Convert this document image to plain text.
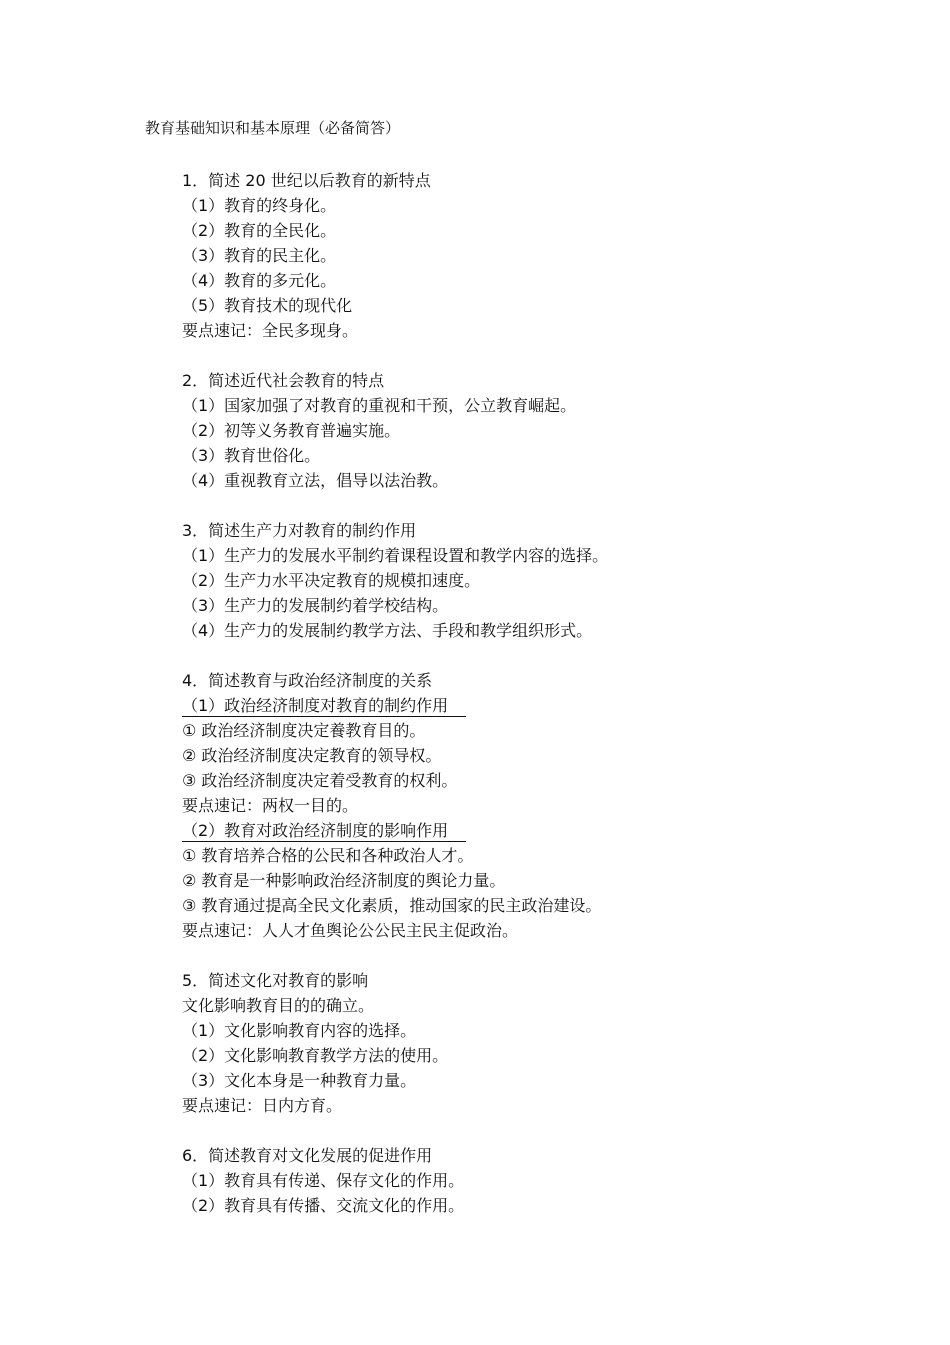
教育基础知识和基本原理（必备简答）
1．简述 20 世纪以后教育的新特点
（1）教育的终身化。
（2）教育的全民化。
（3）教育的民主化。
（4）教育的多元化。
（5）教育技术的现代化
要点速记：全民多现身。
2．简述近代社会教育的特点
（1）国家加强了对教育的重视和干预，公立教育崛起。
（2）初等义务教育普遍实施。
（3）教育世俗化。
（4）重视教育立法，倡导以法治教。
3．简述生产力对教育的制约作用
（1）生产力的发展水平制约着课程设置和教学内容的选择。
（2）生产力水平决定教育的规模扣速度。
（3）生产力的发展制约着学校结构。
（4）生产力的发展制约教学方法、手段和教学组织形式。
4．简述教育与政治经济制度的关系
（1）政治经济制度对教育的制约作用
① 政治经济制度决定養教育目的。
② 政治经济制度决定教育的领导权。
③ 政治经济制度决定着受教育的权利。
要点速记：两权一目的。
（2）教育对政治经济制度的影响作用
① 教育培养合格的公民和各种政治人才。
② 教育是一种影响政治经济制度的舆论力量。
③ 教育通过提高全民文化素质，推动国家的民主政治建设。
要点速记：人人才鱼舆论公公民主民主促政治。
5．简述文化对教育的影响
文化影响教育目的的确立。
（1）文化影响教育内容的选择。
（2）文化影响教育教学方法的使用。
（3）文化本身是一种教育力量。
要点速记：日内方育。
6．简述教育对文化发展的促进作用
（1）教育具有传递、保存文化的作用。
（2）教育具有传播、交流文化的作用。
